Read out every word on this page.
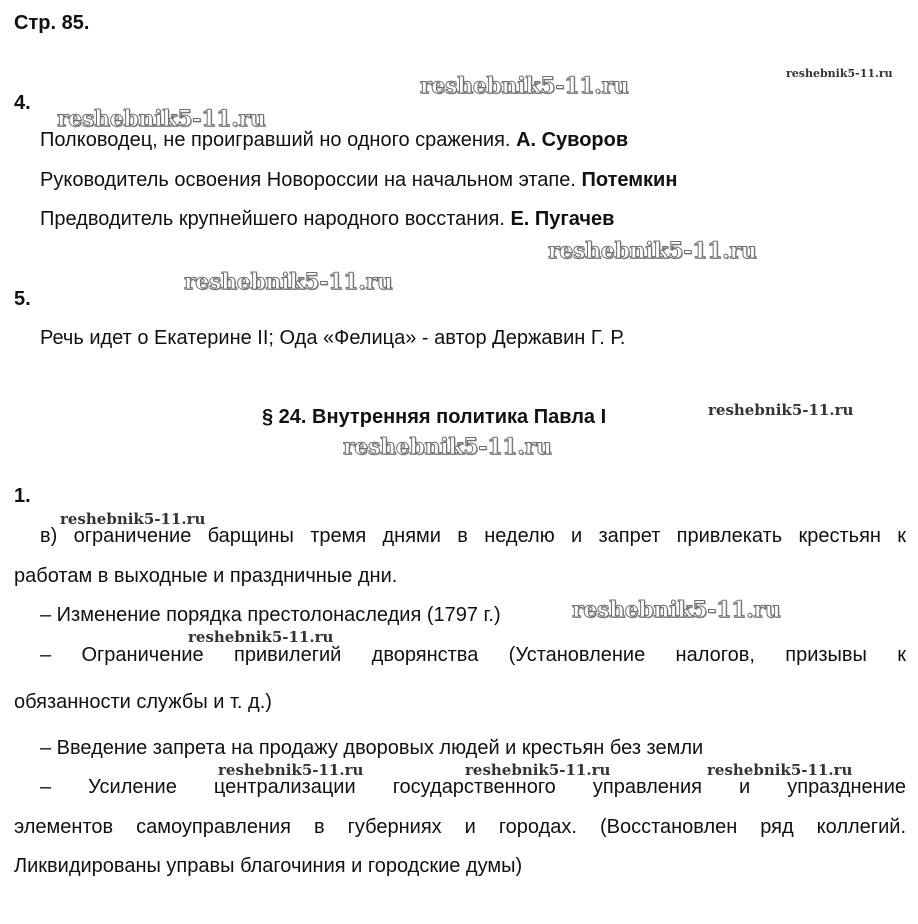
Стр. 85.
4.
Полководец, не проигравший но одного сражения. А. Суворов
Руководитель освоения Новороссии на начальном этапе. Потемкин
Предводитель крупнейшего народного восстания. Е. Пугачев
5.
Речь идет о Екатерине II; Ода «Фелица» - автор Державин Г. Р.
§ 24. Внутренняя политика Павла I
1.
в) ограничение барщины тремя днями в неделю и запрет привлекать крестьян к
работам в выходные и праздничные дни.
– Изменение порядка престолонаследия (1797 г.)
– Ограничение привилегий дворянства (Установление налогов, призывы к
обязанности службы и т. д.)
– Введение запрета на продажу дворовых людей и крестьян без земли
– Усиление централизации государственного управления и упразднение
элементов самоуправления в губерниях и городах. (Восстановлен ряд коллегий.
Ликвидированы управы благочиния и городские думы)
reshebnik5-11.ru	reshebnik5-11.ru
reshebnik5-11.ru
reshebnik5-11.ru
reshebnik5-11.ru
reshebnik5-11.ru
reshebnik5-11.ru
reshebnik5-11.ru
reshebnik5-11.ru
reshebnik5-11.ru
reshebnik5-11.ru	reshebnik5-11.ru	reshebnik5-11.ru
